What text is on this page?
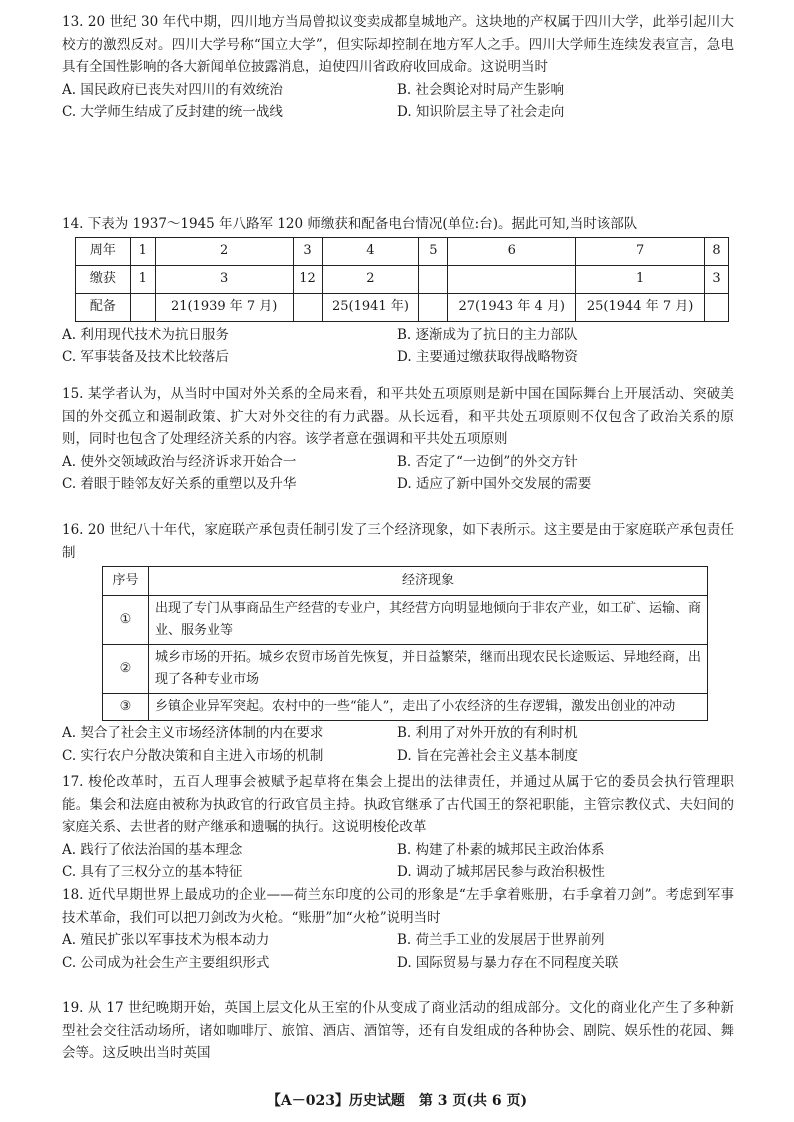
13. 20 世纪 30 年代中期，四川地方当局曾拟议变卖成都皇城地产。这块地的产权属于四川大学，此举引起川大校方的激烈反对。四川大学号称“国立大学”，但实际却控制在地方军人之手。四川大学师生连续发表宣言，急电具有全国性影响的各大新闻单位披露消息，迫使四川省政府收回成命。这说明当时
A. 国民政府已丧失对四川的有效统治	B. 社会舆论对时局产生影响
C. 大学师生结成了反封建的统一战线	D. 知识阶层主导了社会走向
14. 下表为 1937～1945 年八路军 120 师缴获和配备电台情况(单位:台)。据此可知,当时该部队
周年	1	2	3	4	5	6	7	8
缴获	1	3	12	2			1	3
配备		21(1939 年 7 月)		25(1941 年)		27(1943 年 4 月)	25(1944 年 7 月)	
A. 利用现代技术为抗日服务	B. 逐渐成为了抗日的主力部队
C. 军事装备及技术比较落后	D. 主要通过缴获取得战略物资
15. 某学者认为，从当时中国对外关系的全局来看，和平共处五项原则是新中国在国际舞台上开展活动、突破美国的外交孤立和遏制政策、扩大对外交往的有力武器。从长远看，和平共处五项原则不仅包含了政治关系的原则，同时也包含了处理经济关系的内容。该学者意在强调和平共处五项原则
A. 使外交领域政治与经济诉求开始合一	B. 否定了“一边倒”的外交方针
C. 着眼于睦邻友好关系的重塑以及升华	D. 适应了新中国外交发展的需要
16. 20 世纪八十年代，家庭联产承包责任制引发了三个经济现象，如下表所示。这主要是由于家庭联产承包责任制
序号	经济现象
①	出现了专门从事商品生产经营的专业户，其经营方向明显地倾向于非农产业，如工矿、运输、商业、服务业等
②	城乡市场的开拓。城乡农贸市场首先恢复，并日益繁荣，继而出现农民长途贩运、异地经商，出现了各种专业市场
③	乡镇企业异军突起。农村中的一些“能人”，走出了小农经济的生存逻辑，激发出创业的冲动
A. 契合了社会主义市场经济体制的内在要求	B. 利用了对外开放的有利时机
C. 实行农户分散决策和自主进入市场的机制	D. 旨在完善社会主义基本制度
17. 梭伦改革时，五百人理事会被赋予起草将在集会上提出的法律责任，并通过从属于它的委员会执行管理职能。集会和法庭由被称为执政官的行政官员主持。执政官继承了古代国王的祭祀职能，主管宗教仪式、夫妇间的家庭关系、去世者的财产继承和遗嘱的执行。这说明梭伦改革
A. 践行了依法治国的基本理念	B. 构建了朴素的城邦民主政治体系
C. 具有了三权分立的基本特征	D. 调动了城邦居民参与政治积极性
18. 近代早期世界上最成功的企业——荷兰东印度的公司的形象是“左手拿着账册，右手拿着刀剑”。考虑到军事技术革命，我们可以把刀剑改为火枪。“账册”加“火枪”说明当时
A. 殖民扩张以军事技术为根本动力	B. 荷兰手工业的发展居于世界前列
C. 公司成为社会生产主要组织形式	D. 国际贸易与暴力存在不同程度关联
19. 从 17 世纪晚期开始，英国上层文化从王室的仆从变成了商业活动的组成部分。文化的商业化产生了多种新型社会交往活动场所，诸如咖啡厅、旅馆、酒店、酒馆等，还有自发组成的各种协会、剧院、娱乐性的花园、舞会等。这反映出当时英国
【A－023】历史试题　第 3 页(共 6 页)
